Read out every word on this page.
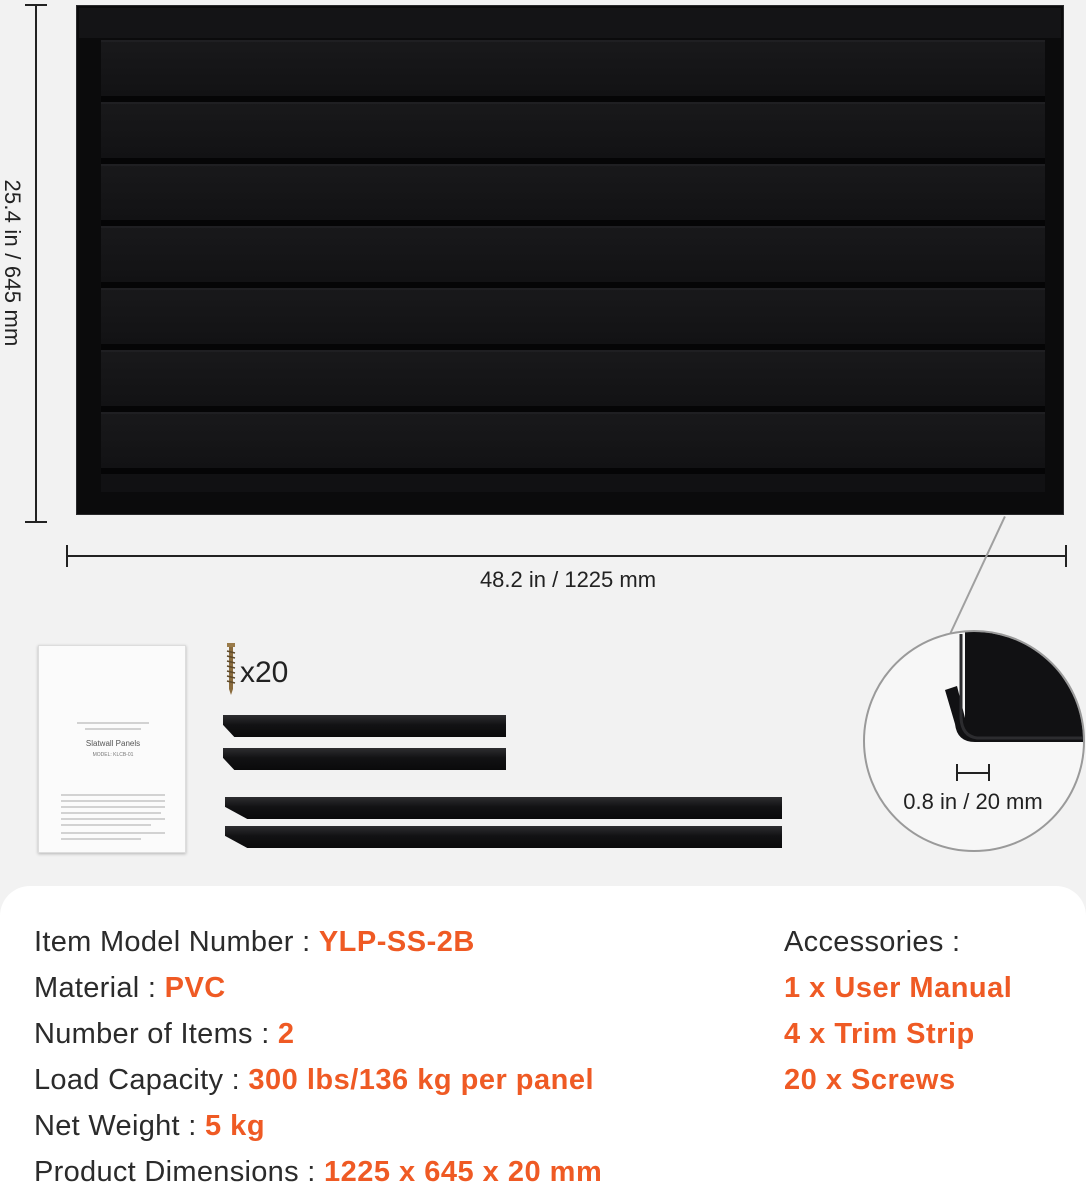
25.4 in / 645 mm
48.2 in / 1225 mm
0.8 in / 20 mm
Slatwall Panels
MODEL: KLCB-01
x20
Item Model Number : YLP-SS-2B
Material : PVC
Number of Items : 2
Load Capacity : 300 lbs/136 kg per panel
Net Weight : 5 kg
Product Dimensions : 1225 x 645 x 20 mm
Accessories :
1 x User Manual
4 x Trim Strip
20 x Screws
